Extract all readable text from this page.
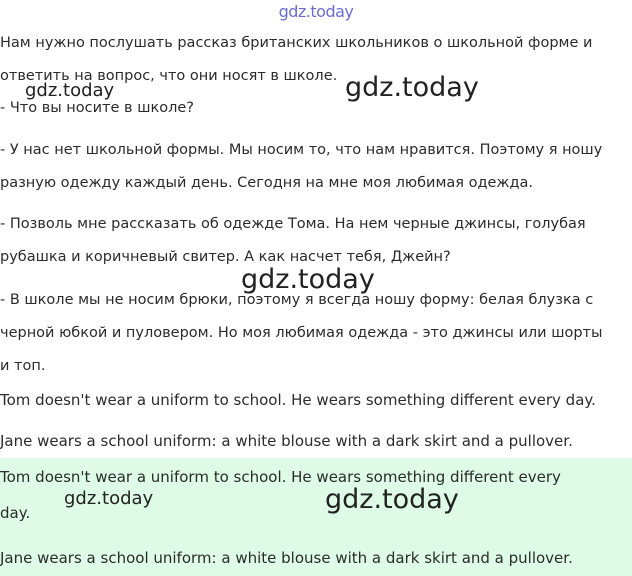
gdz.today

Нам нужно послушать рассказ британских школьников о школьной форме и

ответить на вопрос, что они носят в школе.

- Что вы носите в школе?

- У нас нет школьной формы. Мы носим то, что нам нравится. Поэтому я ношу

разную одежду каждый день. Сегодня на мне моя любимая одежда.

- Позволь мне рассказать об одежде Тома. На нем черные джинсы, голубая

рубашка и коричневый свитер. А как насчет тебя, Джейн?

- В школе мы не носим брюки, поэтому я всегда ношу форму: белая блузка с

черной юбкой и пуловером. Но моя любимая одежда - это джинсы или шорты

и топ.

Tom doesn't wear a uniform to school. He wears something different every day.

Jane wears a school uniform: a white blouse with a dark skirt and a pullover.

Tom doesn't wear a uniform to school. He wears something different every

day.

Jane wears a school uniform: a white blouse with a dark skirt and a pullover.

gdz.today	gdz.today
gdz.today
gdz.today	gdz.today
